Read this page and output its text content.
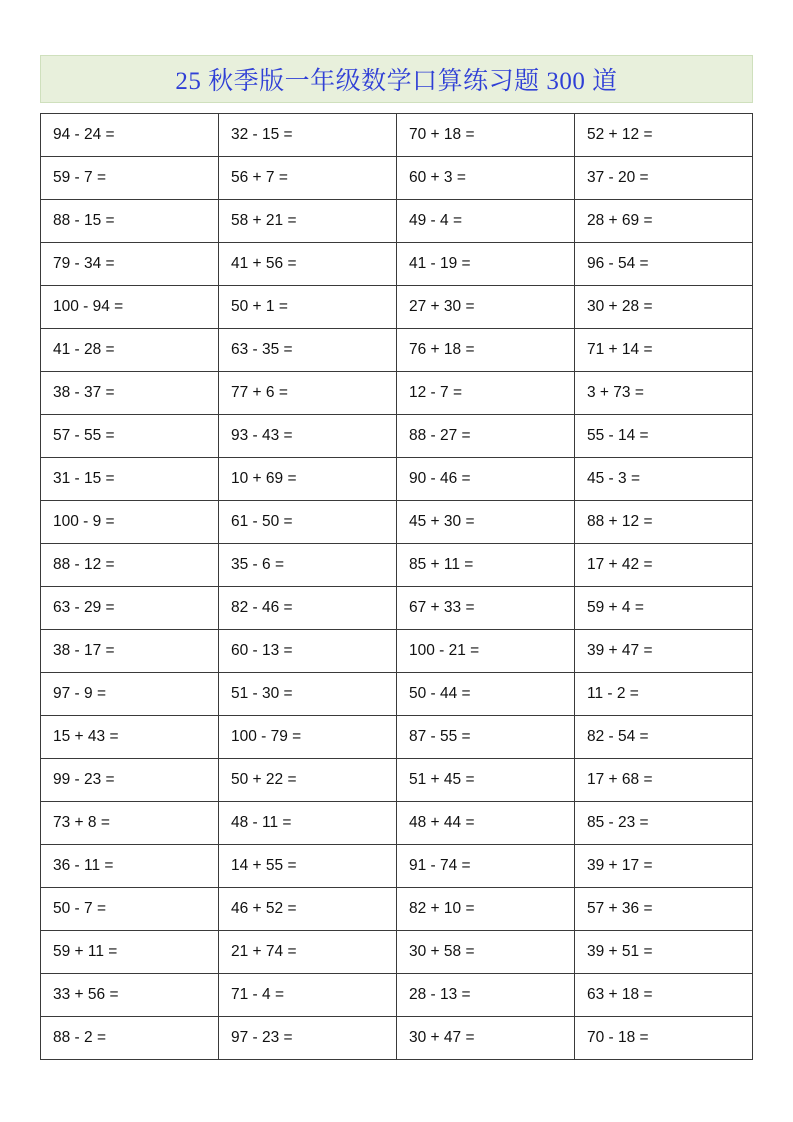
25 秋季版一年级数学口算练习题 300 道
94 - 24 =	32 - 15 =	70 + 18 =	52 + 12 =
59 - 7 =	56 + 7 =	60 + 3 =	37 - 20 =
88 - 15 =	58 + 21 =	49 - 4 =	28 + 69 =
79 - 34 =	41 + 56 =	41 - 19 =	96 - 54 =
100 - 94 =	50 + 1 =	27 + 30 =	30 + 28 =
41 - 28 =	63 - 35 =	76 + 18 =	71 + 14 =
38 - 37 =	77 + 6 =	12 - 7 =	3 + 73 =
57 - 55 =	93 - 43 =	88 - 27 =	55 - 14 =
31 - 15 =	10 + 69 =	90 - 46 =	45 - 3 =
100 - 9 =	61 - 50 =	45 + 30 =	88 + 12 =
88 - 12 =	35 - 6 =	85 + 11 =	17 + 42 =
63 - 29 =	82 - 46 =	67 + 33 =	59 + 4 =
38 - 17 =	60 - 13 =	100 - 21 =	39 + 47 =
97 - 9 =	51 - 30 =	50 - 44 =	11 - 2 =
15 + 43 =	100 - 79 =	87 - 55 =	82 - 54 =
99 - 23 =	50 + 22 =	51 + 45 =	17 + 68 =
73 + 8 =	48 - 11 =	48 + 44 =	85 - 23 =
36 - 11 =	14 + 55 =	91 - 74 =	39 + 17 =
50 - 7 =	46 + 52 =	82 + 10 =	57 + 36 =
59 + 11 =	21 + 74 =	30 + 58 =	39 + 51 =
33 + 56 =	71 - 4 =	28 - 13 =	63 + 18 =
88 - 2 =	97 - 23 =	30 + 47 =	70 - 18 =
